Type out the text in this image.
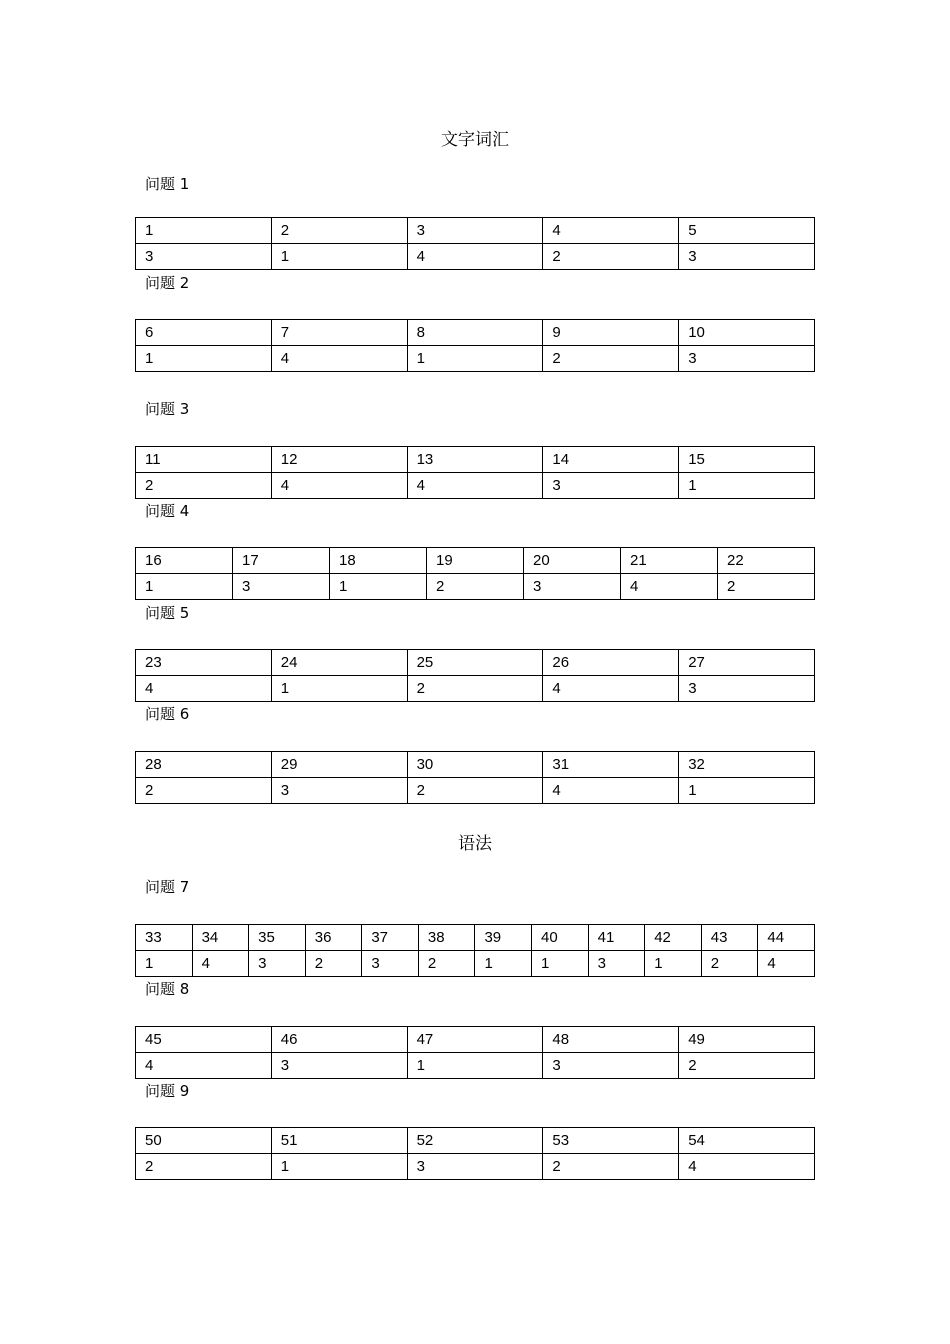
文字词汇
问题 1
1	2	3	4	5
3	1	4	2	3
问题 2
6	7	8	9	10
1	4	1	2	3
问题 3
11	12	13	14	15
2	4	4	3	1
问题 4
16	17	18	19	20	21	22
1	3	1	2	3	4	2
问题 5
23	24	25	26	27
4	1	2	4	3
问题 6
28	29	30	31	32
2	3	2	4	1
语法
问题 7
33	34	35	36	37	38	39	40	41	42	43	44
1	4	3	2	3	2	1	1	3	1	2	4
问题 8
45	46	47	48	49
4	3	1	3	2
问题 9
50	51	52	53	54
2	1	3	2	4
